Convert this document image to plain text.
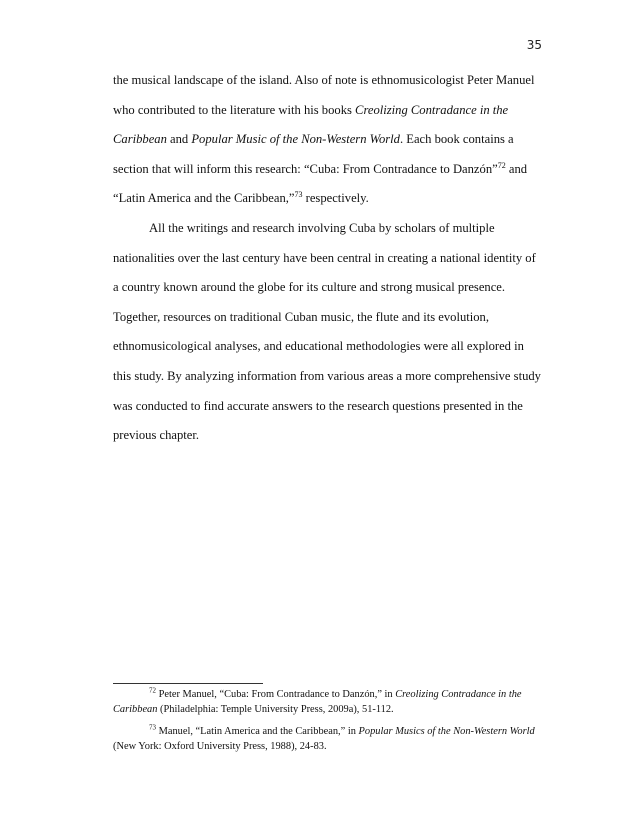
35

the musical landscape of the island. Also of note is ethnomusicologist Peter Manuel who contributed to the literature with his books Creolizing Contradance in the Caribbean and Popular Music of the Non-Western World. Each book contains a section that will inform this research: “Cuba: From Contradance to Danzón”$^{72}$ and “Latin America and the Caribbean,”$^{73}$ respectively.

All the writings and research involving Cuba by scholars of multiple nationalities over the last century have been central in creating a national identity of a country known around the globe for its culture and strong musical presence. Together, resources on traditional Cuban music, the flute and its evolution, ethnomusicological analyses, and educational methodologies were all explored in this study. By analyzing information from various areas a more comprehensive study was conducted to find accurate answers to the research questions presented in the previous chapter.

$^{72}$ Peter Manuel, “Cuba: From Contradance to Danzón,” in Creolizing Contradance in the Caribbean (Philadelphia: Temple University Press, 2009a), 51-112.

$^{73}$ Manuel, “Latin America and the Caribbean,” in Popular Musics of the Non-Western World (New York: Oxford University Press, 1988), 24-83.
